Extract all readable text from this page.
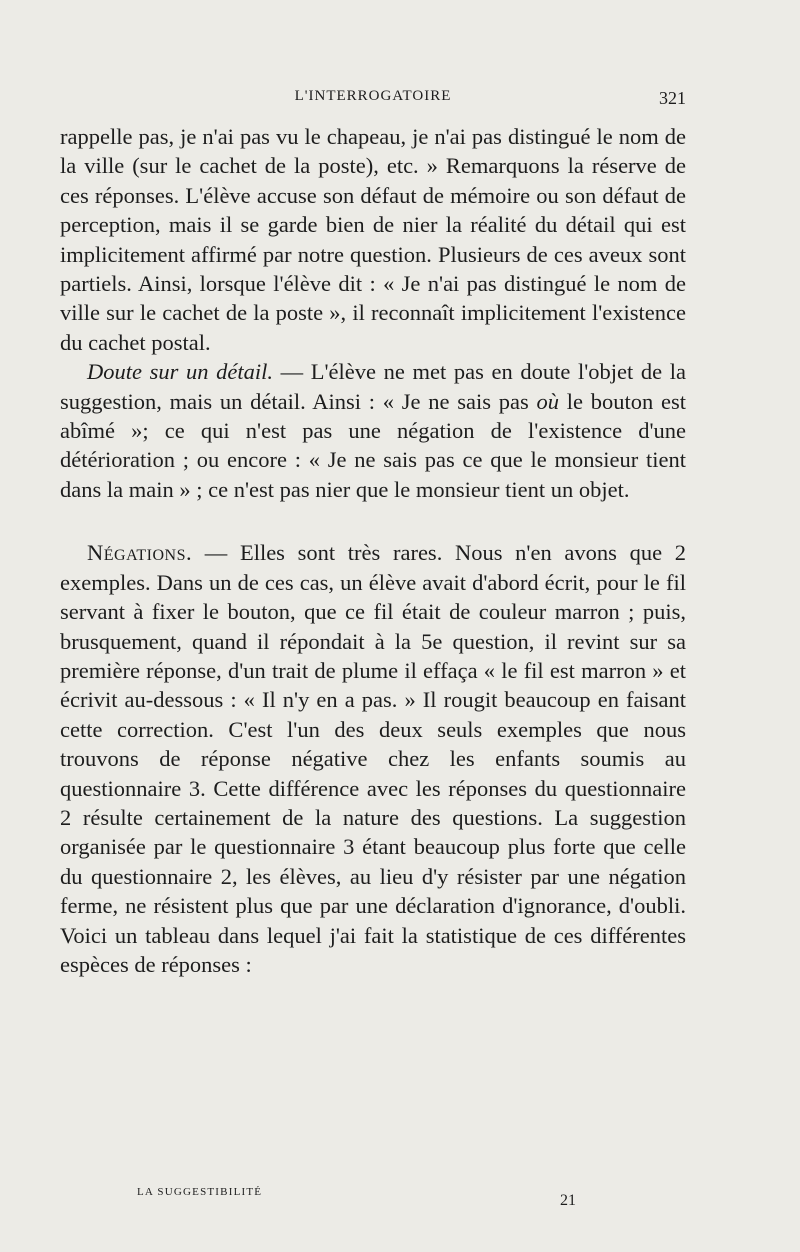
L'INTERROGATOIRE	321

rappelle pas, je n'ai pas vu le chapeau, je n'ai pas distingué le nom de la ville (sur le cachet de la poste), etc. » Remarquons la réserve de ces réponses. L'élève accuse son défaut de mémoire ou son défaut de perception, mais il se garde bien de nier la réalité du détail qui est implicitement affirmé par notre question. Plusieurs de ces aveux sont partiels. Ainsi, lorsque l'élève dit : « Je n'ai pas distingué le nom de ville sur le cachet de la poste », il reconnaît implicitement l'existence du cachet postal.

Doute sur un détail. — L'élève ne met pas en doute l'objet de la suggestion, mais un détail. Ainsi : « Je ne sais pas où le bouton est abîmé »; ce qui n'est pas une négation de l'existence d'une détérioration ; ou encore : « Je ne sais pas ce que le monsieur tient dans la main » ; ce n'est pas nier que le monsieur tient un objet.

Négations. — Elles sont très rares. Nous n'en avons que 2 exemples. Dans un de ces cas, un élève avait d'abord écrit, pour le fil servant à fixer le bouton, que ce fil était de couleur marron ; puis, brusquement, quand il répondait à la 5e question, il revint sur sa première réponse, d'un trait de plume il effaça « le fil est marron » et écrivit au-dessous : « Il n'y en a pas. » Il rougit beaucoup en faisant cette correction. C'est l'un des deux seuls exemples que nous trouvons de réponse négative chez les enfants soumis au questionnaire 3. Cette différence avec les réponses du questionnaire 2 résulte certainement de la nature des questions. La suggestion organisée par le questionnaire 3 étant beaucoup plus forte que celle du questionnaire 2, les élèves, au lieu d'y résister par une négation ferme, ne résistent plus que par une déclaration d'ignorance, d'oubli. Voici un tableau dans lequel j'ai fait la statistique de ces différentes espèces de réponses :

LA SUGGESTIBILITÉ	21
